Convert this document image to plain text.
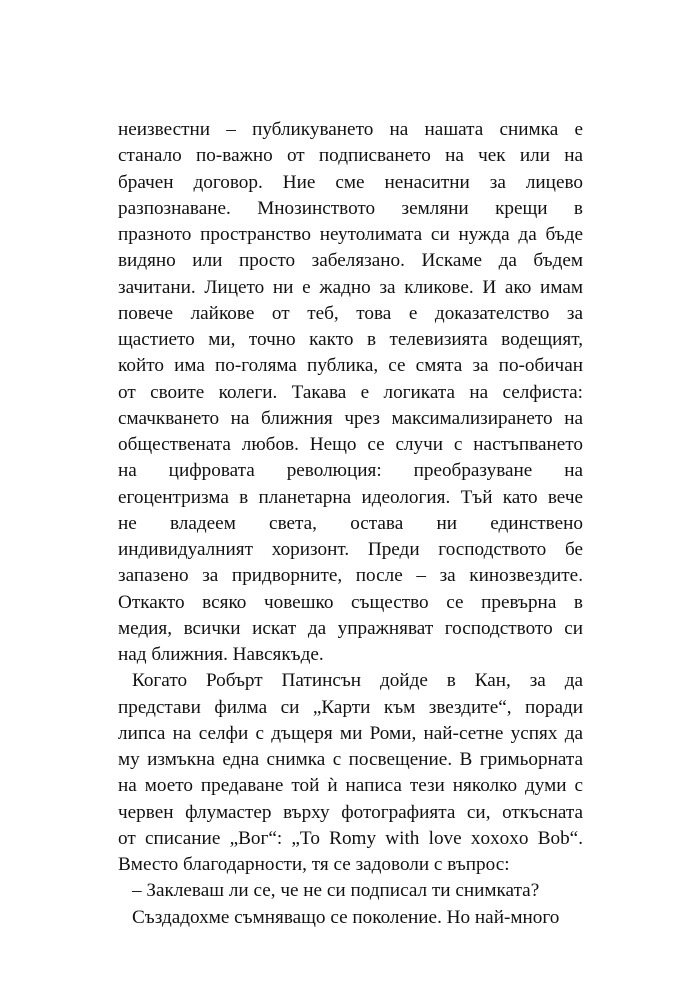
неизвестни – публикуването на нашата снимка е
станало по-важно от подписването на чек или на
брачен договор. Ние сме ненаситни за лицево
разпознаване. Мнозинството земляни крещи в
празното пространство неутолимата си нужда да бъде
видяно или просто забелязано. Искаме да бъдем
зачитани. Лицето ни е жадно за кликове. И ако имам
повече лайкове от теб, това е доказателство за
щастието ми, точно както в телевизията водещият,
който има по-голяма публика, се смята за по-обичан
от своите колеги. Такава е логиката на селфиста:
смачкването на ближния чрез максимализирането на
обществената любов. Нещо се случи с настъпването
на цифровата революция: преобразуване на
егоцентризма в планетарна идеология. Тъй като вече
не владеем света, остава ни единствено
индивидуалният хоризонт. Преди господството бе
запазено за придворните, после – за кинозвездите.
Откакто всяко човешко същество се превърна в
медия, всички искат да упражняват господството си
над ближния. Навсякъде.
Когато Робърт Патинсън дойде в Кан, за да
представи филма си „Карти към звездите“, поради
липса на селфи с дъщеря ми Роми, най-сетне успях да
му измъкна една снимка с посвещение. В гримьорната
на моето предаване той ѝ написа тези няколко думи с
червен флумастер върху фотографията си, откъсната
от списание „Вог“: „To Romy with love xoxoxo Bob“.
Вместо благодарности, тя се задоволи с въпрос:
– Заклеваш ли се, че не си подписал ти снимката?
Създадохме съмняващо се поколение. Но най-много
